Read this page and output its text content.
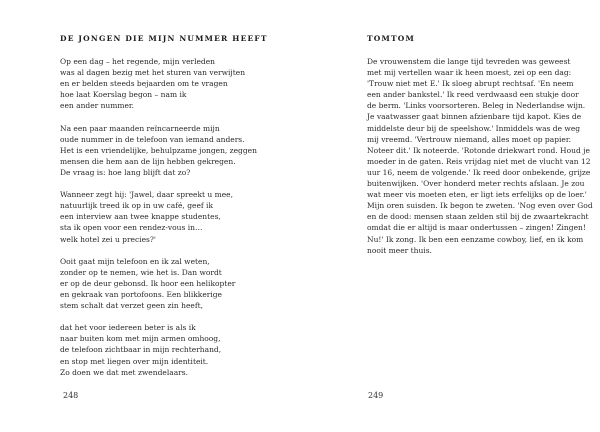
DE JONGEN DIE MIJN NUMMER HEEFT
Op een dag – het regende, mijn verleden
was al dagen bezig met het sturen van verwijten
en er belden steeds bejaarden om te vragen
hoe laat Koerslag begon – nam ik
een ander nummer.
Na een paar maanden reïncarneerde mijn
oude nummer in de telefoon van iemand anders.
Het is een vriendelijke, behulpzame jongen, zeggen
mensen die hem aan de lijn hebben gekregen.
De vraag is: hoe lang blijft dat zo?
Wanneer zegt hij: 'Jawel, daar spreekt u mee,
natuurlijk treed ik op in uw café, geef ik
een interview aan twee knappe studentes,
sta ik open voor een rendez-vous in…
welk hotel zei u precies?'
Ooit gaat mijn telefoon en ik zal weten,
zonder op te nemen, wie het is. Dan wordt
er op de deur gebonsd. Ik hoor een helikopter
en gekraak van portofoons. Een blikkerige
stem schalt dat verzet geen zin heeft,
dat het voor iedereen beter is als ik
naar buiten kom met mijn armen omhoog,
de telefoon zichtbaar in mijn rechterhand,
en stop met liegen over mijn identiteit.
Zo doen we dat met zwendelaars.
248
TOMTOM
De vrouwenstem die lange tijd tevreden was geweest
met mij vertellen waar ik heen moest, zei op een dag:
'Trouw niet met E.' Ik sloeg abrupt rechtsaf. 'En neem
een ander bankstel.' Ik reed verdwaasd een stukje door
de berm. 'Links voorsorteren. Beleg in Nederlandse wijn.
Je vaatwasser gaat binnen afzienbare tijd kapot. Kies de
middelste deur bij de speelshow.' Inmiddels was de weg
mij vreemd. 'Vertrouw niemand, alles moet op papier.
Noteer dit.' Ik noteerde. 'Rotonde driekwart rond. Houd je
moeder in de gaten. Reis vrijdag niet met de vlucht van 12
uur 16, neem de volgende.' Ik reed door onbekende, grijze
buitenwijken. 'Over honderd meter rechts afslaan. Je zou
wat meer vis moeten eten, er ligt iets erfelijks op de loer.'
Mijn oren suisden. Ik begon te zweten. 'Nog even over God
en de dood: mensen staan zelden stil bij de zwaartekracht
omdat die er altijd is maar ondertussen – zingen! Zingen!
Nu!' Ik zong. Ik ben een eenzame cowboy, lief, en ik kom
nooit meer thuis.
249
